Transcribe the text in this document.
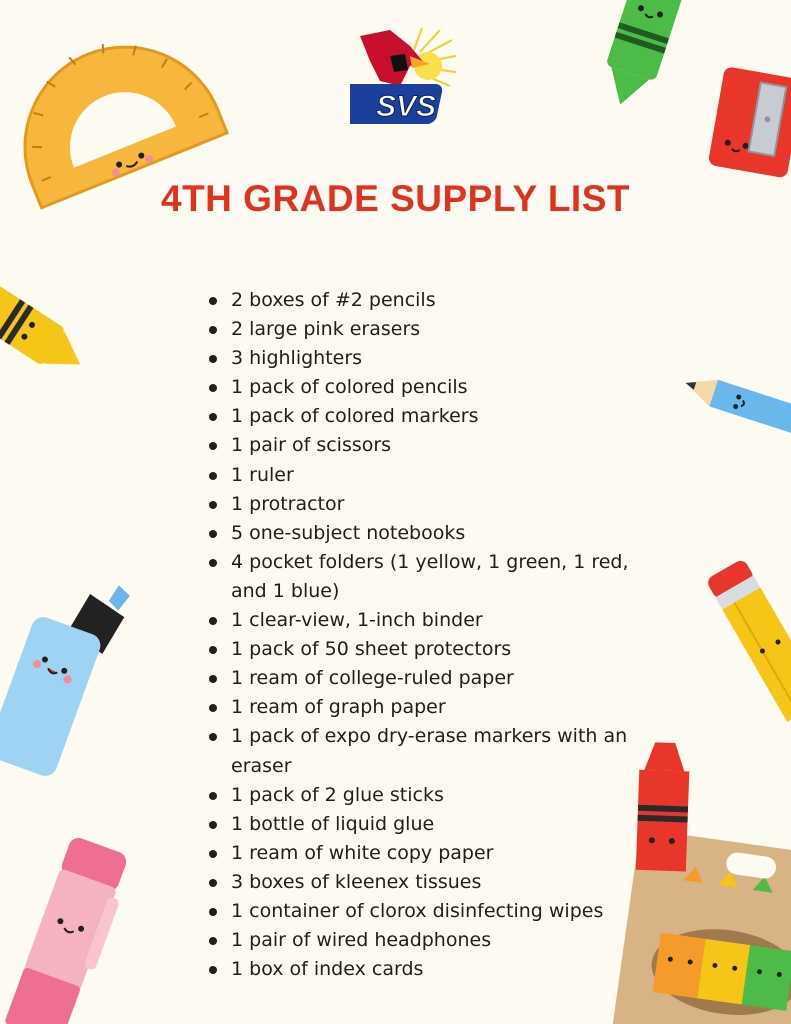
SVS
4TH GRADE SUPPLY LIST
2 boxes of #2 pencils
2 large pink erasers
3 highlighters
1 pack of colored pencils
1 pack of colored markers
1 pair of scissors
1 ruler
1 protractor
5 one-subject notebooks
4 pocket folders (1 yellow, 1 green, 1 red, and 1 blue)
1 clear-view, 1-inch binder
1 pack of 50 sheet protectors
1 ream of college-ruled paper
1 ream of graph paper
1 pack of expo dry-erase markers with an eraser
1 pack of 2 glue sticks
1 bottle of liquid glue
1 ream of white copy paper
3 boxes of kleenex tissues
1 container of clorox disinfecting wipes
1 pair of wired headphones
1 box of index cards
